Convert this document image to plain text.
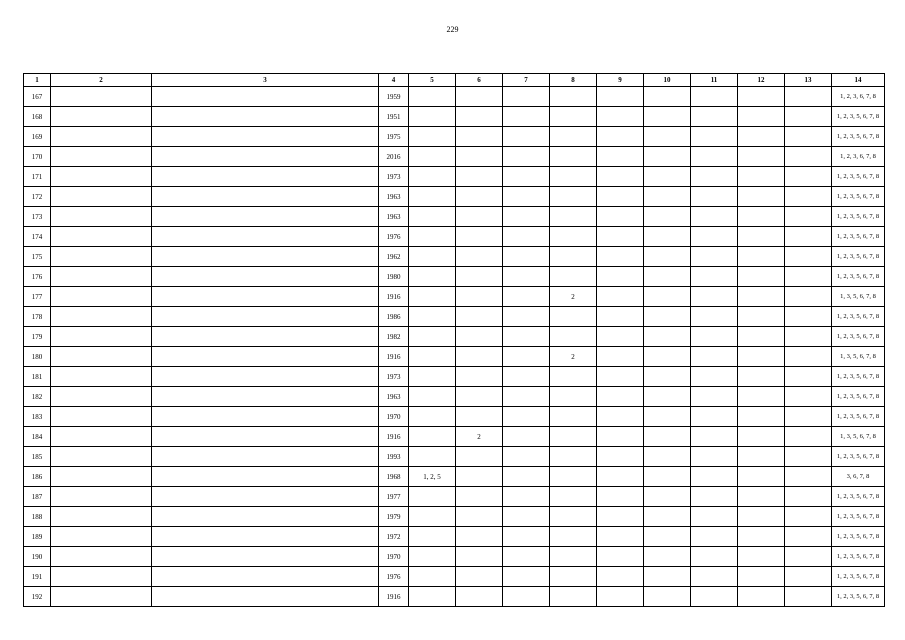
229
1	2	3	4	5	6	7	8	9	10	11	12	13	14
167			1959										1, 2, 3, 6, 7, 8
168			1951										1, 2, 3, 5, 6, 7, 8
169			1975										1, 2, 3, 5, 6, 7, 8
170			2016										1, 2, 3, 6, 7, 8
171			1973										1, 2, 3, 5, 6, 7, 8
172			1963										1, 2, 3, 5, 6, 7, 8
173			1963										1, 2, 3, 5, 6, 7, 8
174			1976										1, 2, 3, 5, 6, 7, 8
175			1962										1, 2, 3, 5, 6, 7, 8
176			1980										1, 2, 3, 5, 6, 7, 8
177			1916				2						1, 3, 5, 6, 7, 8
178			1986										1, 2, 3, 5, 6, 7, 8
179			1982										1, 2, 3, 5, 6, 7, 8
180			1916				2						1, 3, 5, 6, 7, 8
181			1973										1, 2, 3, 5, 6, 7, 8
182			1963										1, 2, 3, 5, 6, 7, 8
183			1970										1, 2, 3, 5, 6, 7, 8
184			1916		2								1, 3, 5, 6, 7, 8
185			1993										1, 2, 3, 5, 6, 7, 8
186			1968	1, 2, 5									3, 6, 7, 8
187			1977										1, 2, 3, 5, 6, 7, 8
188			1979										1, 2, 3, 5, 6, 7, 8
189			1972										1, 2, 3, 5, 6, 7, 8
190			1970										1, 2, 3, 5, 6, 7, 8
191			1976										1, 2, 3, 5, 6, 7, 8
192			1916										1, 2, 3, 5, 6, 7, 8
